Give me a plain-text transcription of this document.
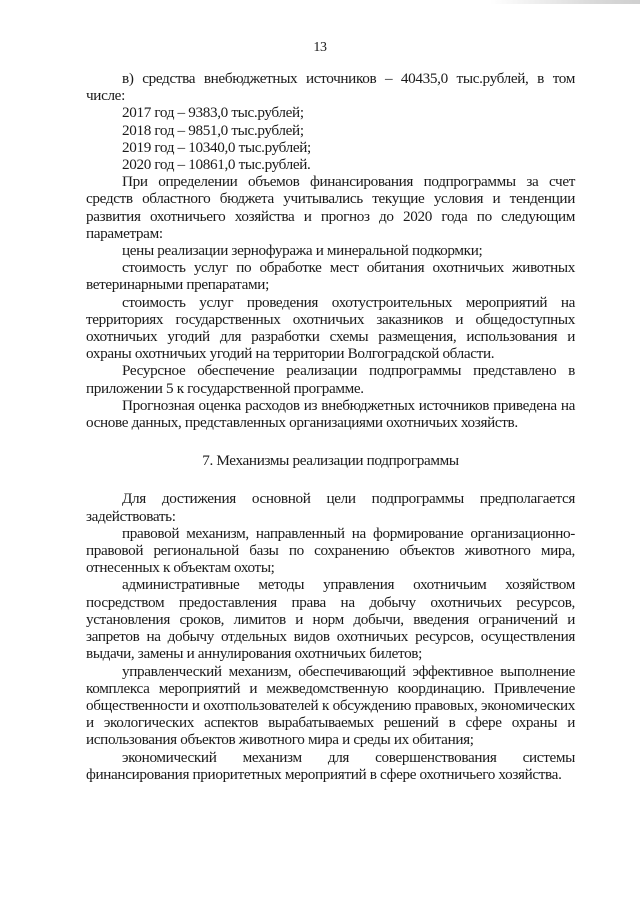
13

в) средства внебюджетных источников – 40435,0 тыс.рублей, в том числе:

2017 год – 9383,0 тыс.рублей;

2018 год – 9851,0 тыс.рублей;

2019 год – 10340,0 тыс.рублей;

2020 год – 10861,0 тыс.рублей.

При определении объемов финансирования подпрограммы за счет средств областного бюджета учитывались текущие условия и тенденции развития охотничьего хозяйства и прогноз до 2020 года по следующим параметрам:

цены реализации зернофуража и минеральной подкормки;

стоимость услуг по обработке мест обитания охотничьих животных ветеринарными препаратами;

стоимость услуг проведения охотустроительных мероприятий на территориях государственных охотничьих заказников и общедоступных охотничьих угодий для разработки схемы размещения, использования и охраны охотничьих угодий на территории Волгоградской области.

Ресурсное обеспечение реализации подпрограммы представлено в приложении 5 к государственной программе.

Прогнозная оценка расходов из внебюджетных источников приведена на основе данных, представленных организациями охотничьих хозяйств.

7. Механизмы реализации подпрограммы

Для достижения основной цели подпрограммы предполагается задействовать:

правовой механизм, направленный на формирование организационно-правовой региональной базы по сохранению объектов животного мира, отнесенных к объектам охоты;

административные методы управления охотничьим хозяйством посредством предоставления права на добычу охотничьих ресурсов, установления сроков, лимитов и норм добычи, введения ограничений и запретов на добычу отдельных видов охотничьих ресурсов, осуществления выдачи, замены и аннулирования охотничьих билетов;

управленческий механизм, обеспечивающий эффективное выполнение комплекса мероприятий и межведомственную координацию. Привлечение общественности и охотпользователей к обсуждению правовых, экономических и экологических аспектов вырабатываемых решений в сфере охраны и использования объектов животного мира и среды их обитания;

экономический механизм для совершенствования системы финансирования приоритетных мероприятий в сфере охотничьего хозяйства.
